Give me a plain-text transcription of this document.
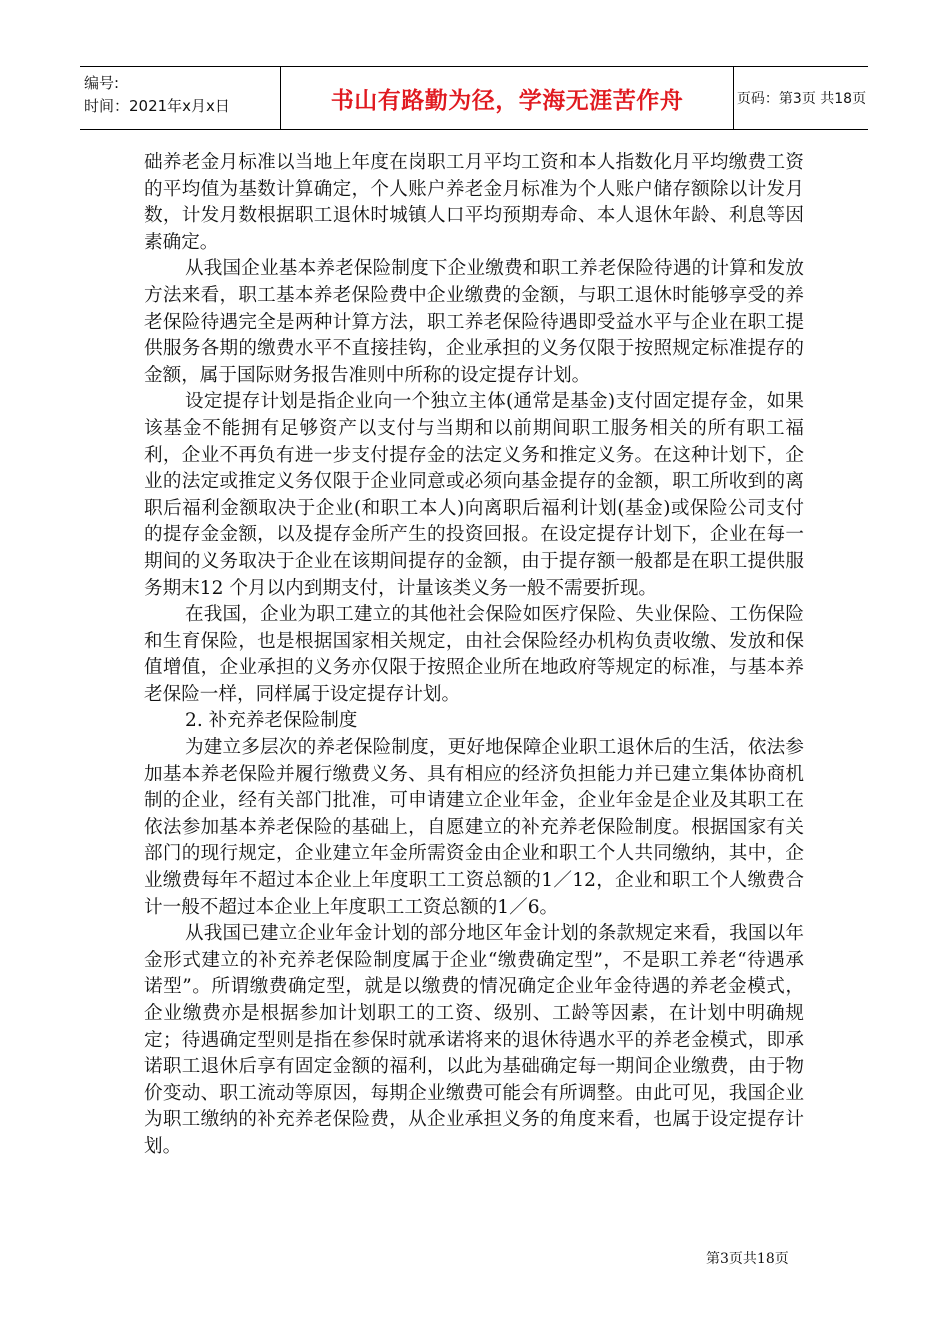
编号:
时间：2021年x月x日	书山有路勤为径，学海无涯苦作舟	页码：第3页 共18页

础养老金月标准以当地上年度在岗职工月平均工资和本人指数化月平均缴费工资的平均值为基数计算确定，个人账户养老金月标准为个人账户储存额除以计发月数，计发月数根据职工退休时城镇人口平均预期寿命、本人退休年龄、利息等因素确定。

从我国企业基本养老保险制度下企业缴费和职工养老保险待遇的计算和发放方法来看，职工基本养老保险费中企业缴费的金额，与职工退休时能够享受的养老保险待遇完全是两种计算方法，职工养老保险待遇即受益水平与企业在职工提供服务各期的缴费水平不直接挂钩，企业承担的义务仅限于按照规定标准提存的金额，属于国际财务报告准则中所称的设定提存计划。

设定提存计划是指企业向一个独立主体(通常是基金)支付固定提存金，如果该基金不能拥有足够资产以支付与当期和以前期间职工服务相关的所有职工福利，企业不再负有进一步支付提存金的法定义务和推定义务。在这种计划下，企业的法定或推定义务仅限于企业同意或必须向基金提存的金额，职工所收到的离职后福利金额取决于企业(和职工本人)向离职后福利计划(基金)或保险公司支付的提存金金额，以及提存金所产生的投资回报。在设定提存计划下，企业在每一期间的义务取决于企业在该期间提存的金额，由于提存额一般都是在职工提供服务期末12 个月以内到期支付，计量该类义务一般不需要折现。

在我国，企业为职工建立的其他社会保险如医疗保险、失业保险、工伤保险和生育保险，也是根据国家相关规定，由社会保险经办机构负责收缴、发放和保值增值，企业承担的义务亦仅限于按照企业所在地政府等规定的标准，与基本养老保险一样，同样属于设定提存计划。

2. 补充养老保险制度

为建立多层次的养老保险制度，更好地保障企业职工退休后的生活，依法参加基本养老保险并履行缴费义务、具有相应的经济负担能力并已建立集体协商机制的企业，经有关部门批准，可申请建立企业年金，企业年金是企业及其职工在依法参加基本养老保险的基础上，自愿建立的补充养老保险制度。根据国家有关部门的现行规定，企业建立年金所需资金由企业和职工个人共同缴纳，其中，企业缴费每年不超过本企业上年度职工工资总额的1／12，企业和职工个人缴费合计一般不超过本企业上年度职工工资总额的1／6。

从我国已建立企业年金计划的部分地区年金计划的条款规定来看，我国以年金形式建立的补充养老保险制度属于企业“缴费确定型”，不是职工养老“待遇承诺型”。所谓缴费确定型，就是以缴费的情况确定企业年金待遇的养老金模式，企业缴费亦是根据参加计划职工的工资、级别、工龄等因素，在计划中明确规定；待遇确定型则是指在参保时就承诺将来的退休待遇水平的养老金模式，即承诺职工退休后享有固定金额的福利，以此为基础确定每一期间企业缴费，由于物价变动、职工流动等原因，每期企业缴费可能会有所调整。由此可见，我国企业为职工缴纳的补充养老保险费，从企业承担义务的角度来看，也属于设定提存计划。

第3页共18页
